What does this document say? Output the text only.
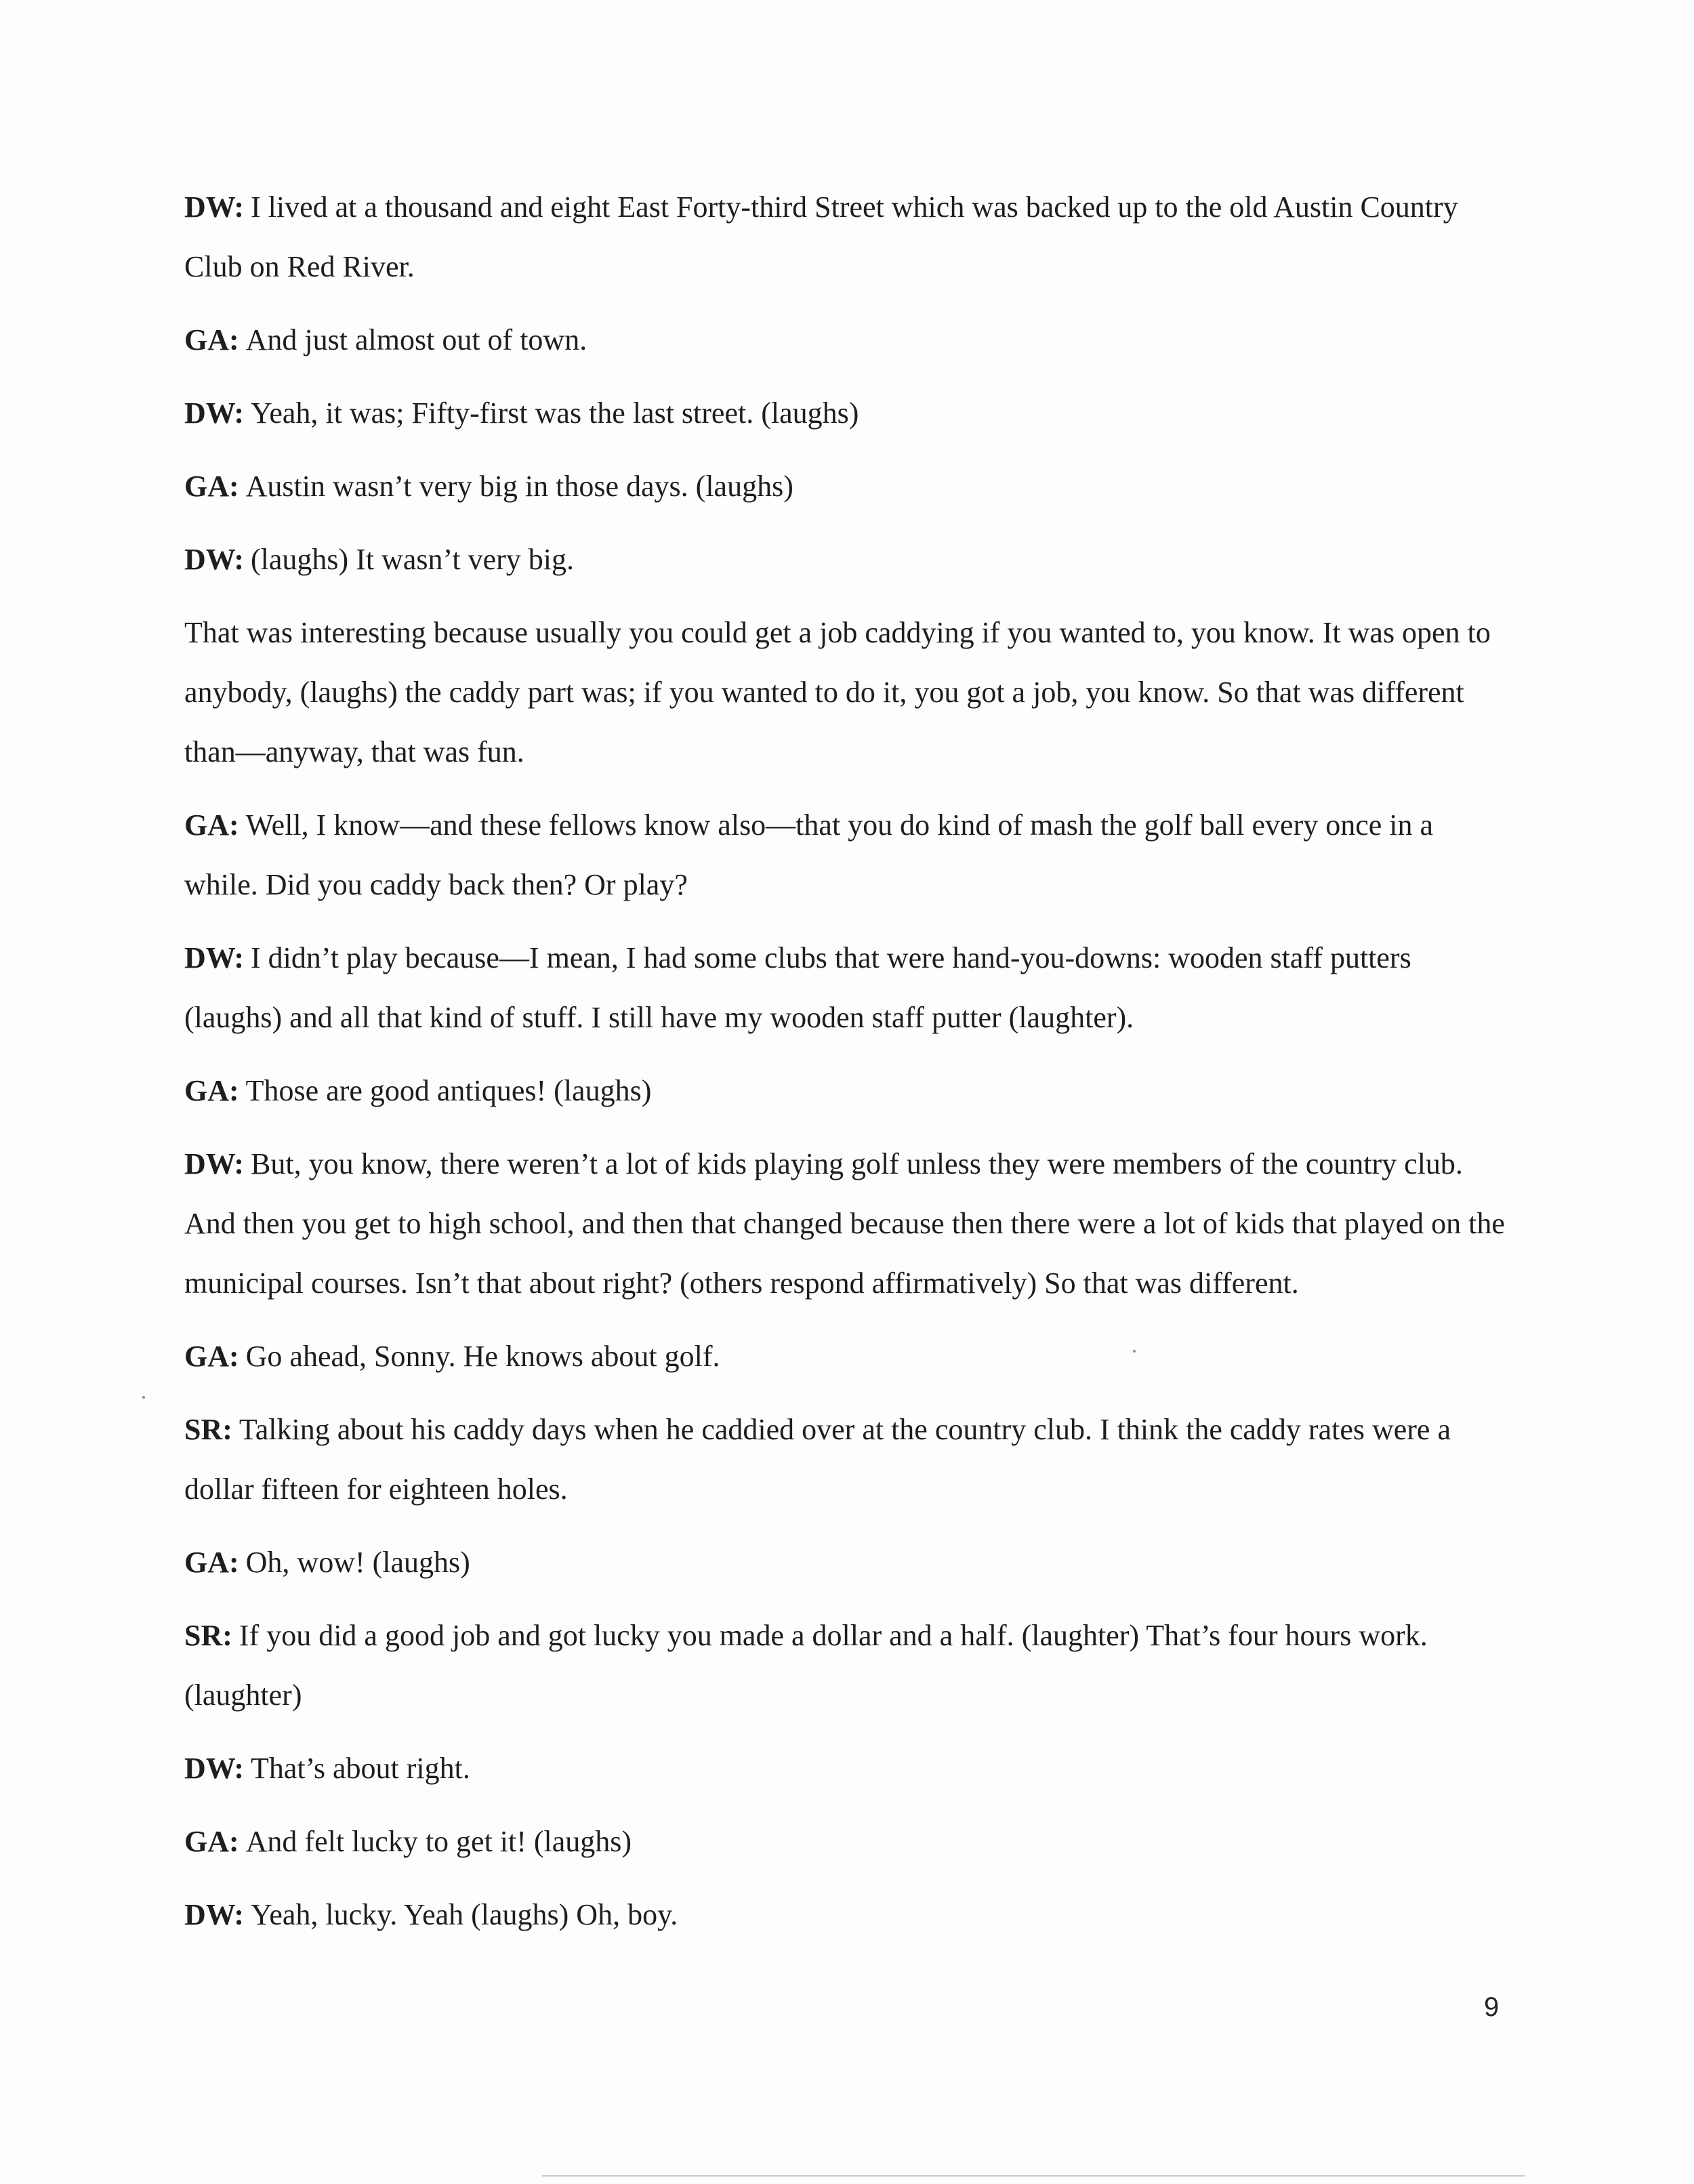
DW: I lived at a thousand and eight East Forty-third Street which was backed up to the old Austin Country Club on Red River.

GA: And just almost out of town.

DW: Yeah, it was; Fifty-first was the last street. (laughs)

GA: Austin wasn’t very big in those days. (laughs)

DW: (laughs) It wasn’t very big.

That was interesting because usually you could get a job caddying if you wanted to, you know. It was open to anybody, (laughs) the caddy part was; if you wanted to do it, you got a job, you know. So that was different than—anyway, that was fun.

GA: Well, I know—and these fellows know also—that you do kind of mash the golf ball every once in a while. Did you caddy back then? Or play?

DW: I didn’t play because—I mean, I had some clubs that were hand-you-downs: wooden staff putters (laughs) and all that kind of stuff. I still have my wooden staff putter (laughter).

GA: Those are good antiques! (laughs)

DW: But, you know, there weren’t a lot of kids playing golf unless they were members of the country club. And then you get to high school, and then that changed because then there were a lot of kids that played on the municipal courses. Isn’t that about right? (others respond affirmatively) So that was different.

GA: Go ahead, Sonny. He knows about golf.

SR: Talking about his caddy days when he caddied over at the country club. I think the caddy rates were a dollar fifteen for eighteen holes.

GA: Oh, wow! (laughs)

SR: If you did a good job and got lucky you made a dollar and a half. (laughter) That’s four hours work. (laughter)

DW: That’s about right.

GA: And felt lucky to get it! (laughs)

DW: Yeah, lucky. Yeah (laughs) Oh, boy.

9
